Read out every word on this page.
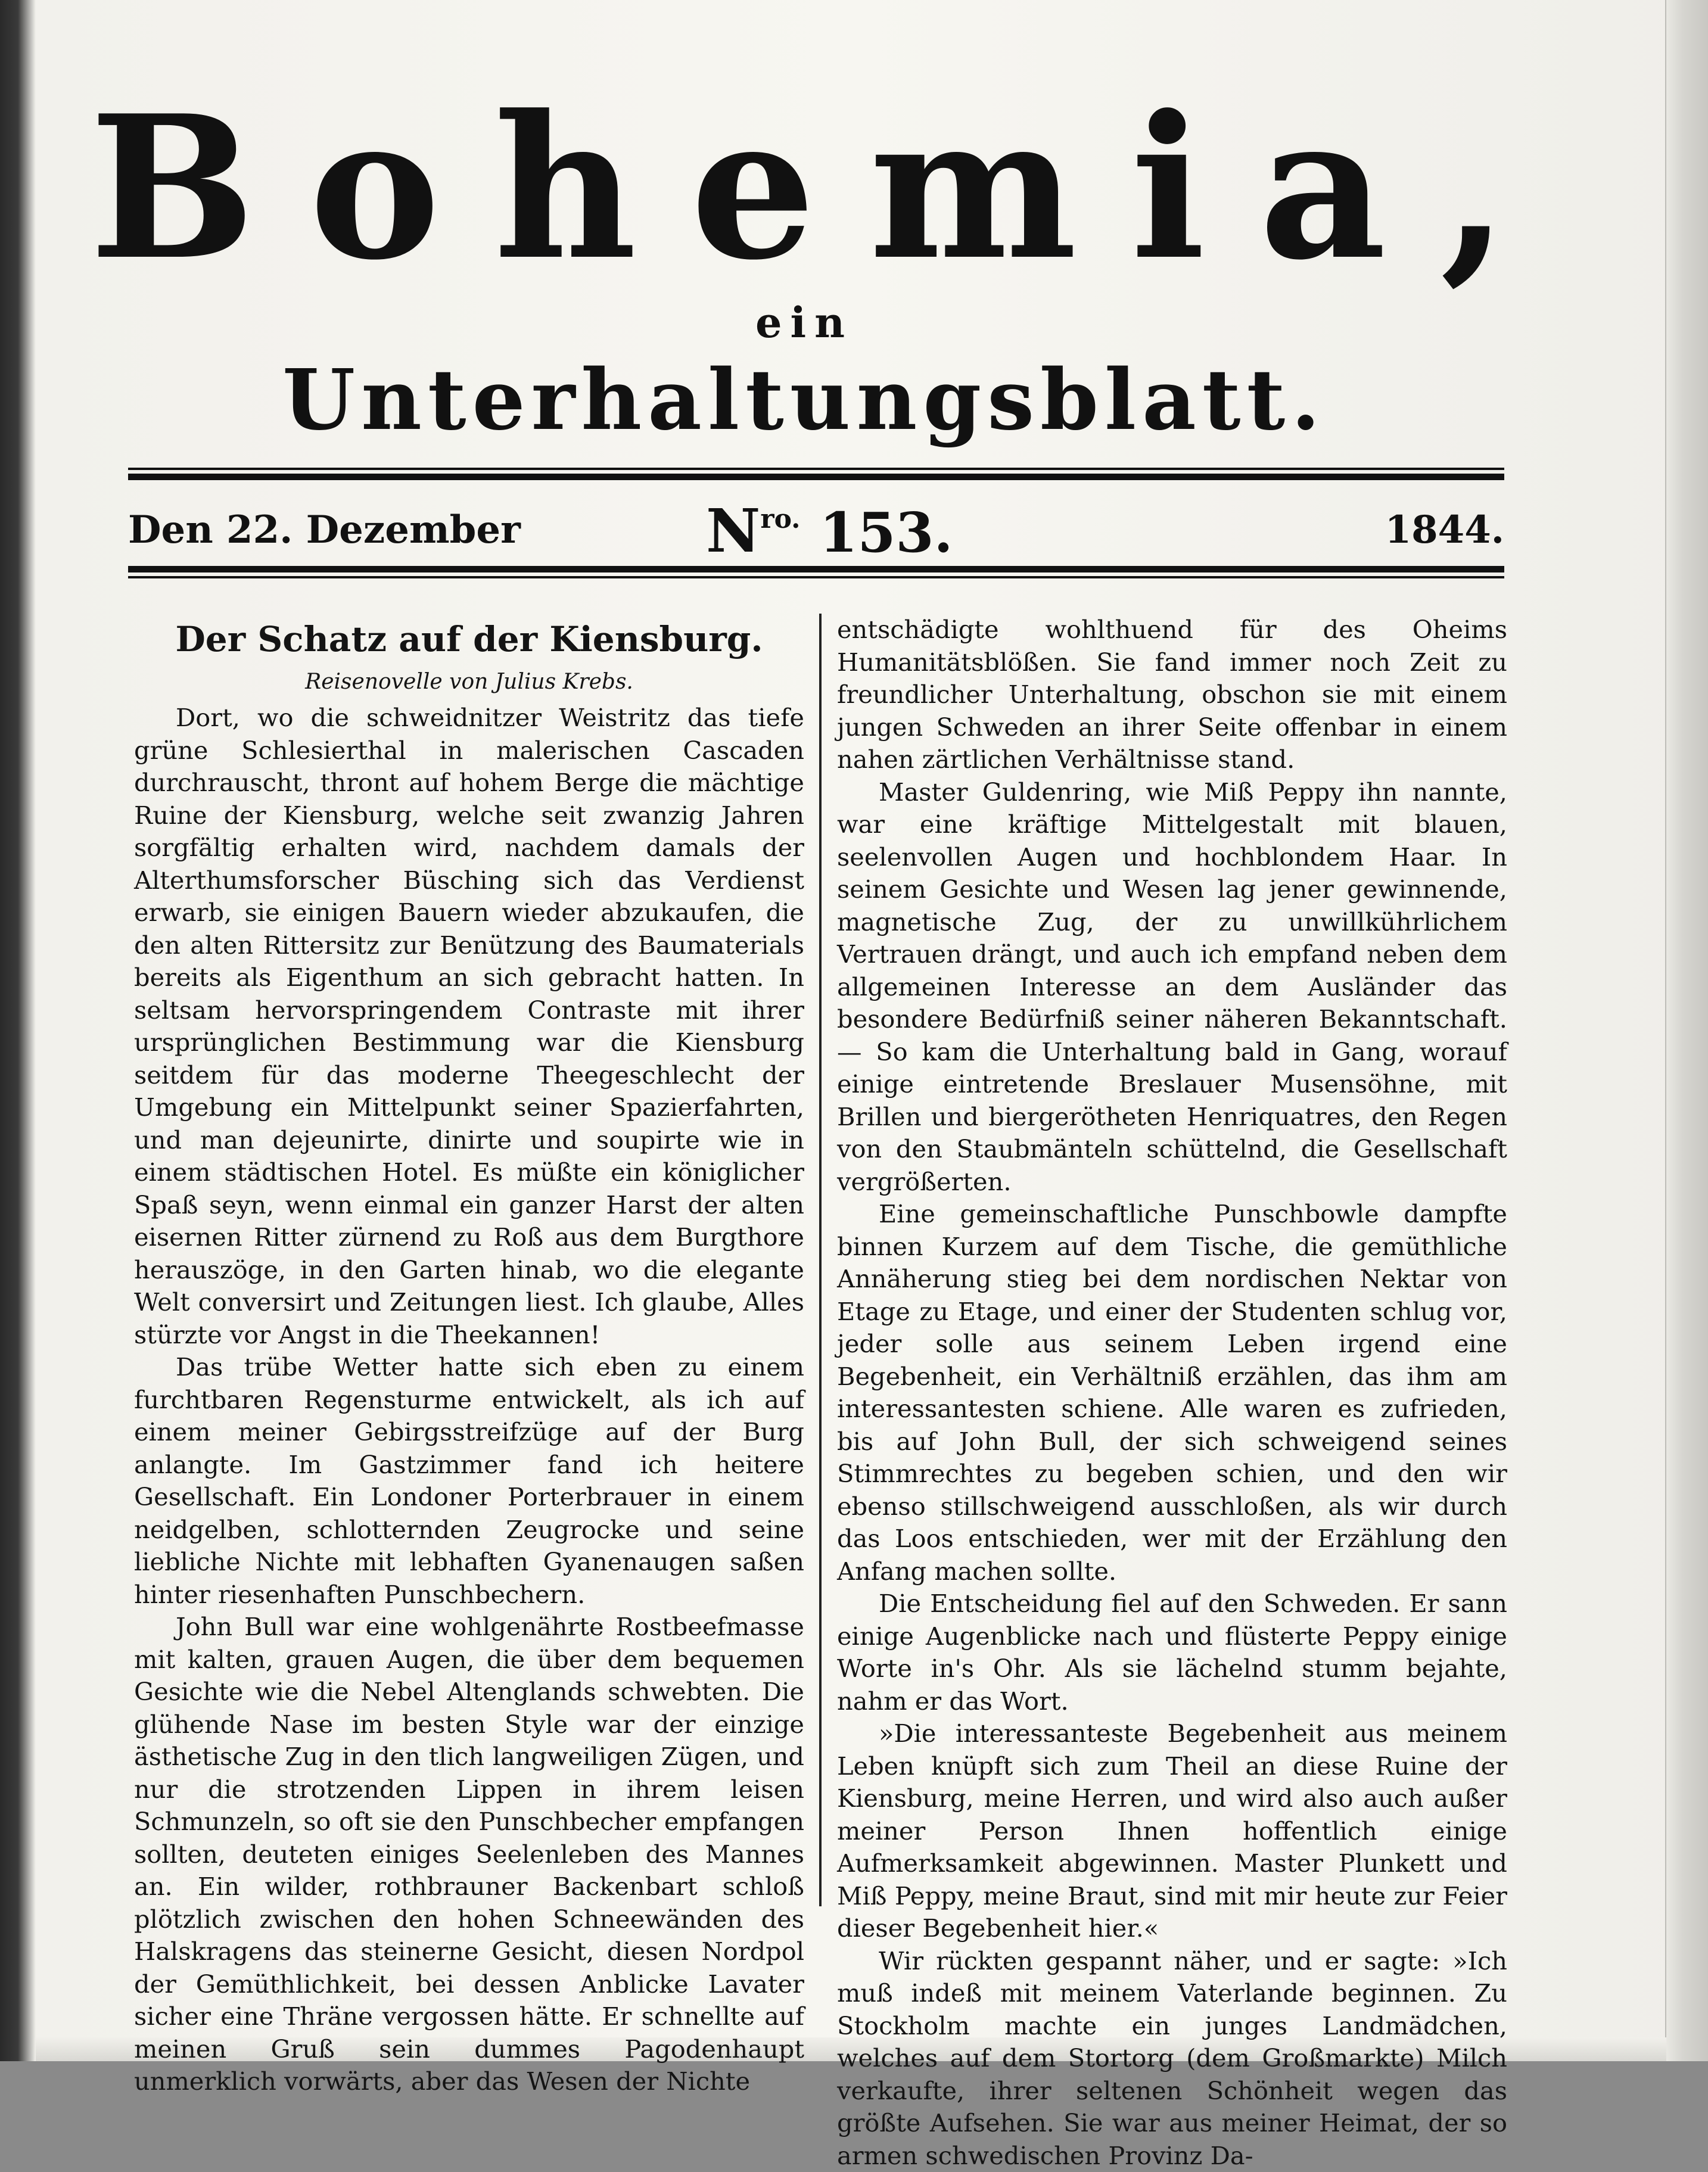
Bohemia,
ein
Unterhaltungsblatt.
Den 22. Dezember	$N^{ro.}$ 153.	1844.
Der Schatz auf der Kiensburg.
Reisenovelle von Julius Krebs.

Dort, wo die schweidnitzer Weistritz das tiefe grüne Schlesierthal in malerischen Cascaden durchrauscht, thront auf hohem Berge die mächtige Ruine der Kiensburg, welche seit zwanzig Jahren sorgfältig erhalten wird, nachdem damals der Alterthumsforscher Büsching sich das Verdienst erwarb, sie einigen Bauern wieder abzukaufen, die den alten Rittersitz zur Benützung des Baumaterials bereits als Eigenthum an sich gebracht hatten. In seltsam hervorspringendem Contraste mit ihrer ursprünglichen Bestimmung war die Kiensburg seitdem für das moderne Theegeschlecht der Umgebung ein Mittelpunkt seiner Spazierfahrten, und man dejeunirte, dinirte und soupirte wie in einem städtischen Hotel. Es müßte ein königlicher Spaß seyn, wenn einmal ein ganzer Harst der alten eisernen Ritter zürnend zu Roß aus dem Burgthore herauszöge, in den Garten hinab, wo die elegante Welt conversirt und Zeitungen liest. Ich glaube, Alles stürzte vor Angst in die Theekannen!

Das trübe Wetter hatte sich eben zu einem furchtbaren Regensturme entwickelt, als ich auf einem meiner Gebirgsstreifzüge auf der Burg anlangte. Im Gastzimmer fand ich heitere Gesellschaft. Ein Londoner Porterbrauer in einem neidgelben, schlotternden Zeugrocke und seine liebliche Nichte mit lebhaften Gyanenaugen saßen hinter riesenhaften Punschbechern.

John Bull war eine wohlgenährte Rostbeefmasse mit kalten, grauen Augen, die über dem bequemen Gesichte wie die Nebel Altenglands schwebten. Die glühende Nase im besten Style war der einzige ästhetische Zug in den tlich langweiligen Zügen, und nur die strotzenden Lippen in ihrem leisen Schmunzeln, so oft sie den Punschbecher empfangen sollten, deuteten einiges Seelenleben des Mannes an. Ein wilder, rothbrauner Backenbart schloß plötzlich zwischen den hohen Schneewänden des Halskragens das steinerne Gesicht, diesen Nordpol der Gemüthlichkeit, bei dessen Anblicke Lavater sicher eine Thräne vergossen hätte. Er schnellte auf meinen Gruß sein dummes Pagodenhaupt unmerklich vorwärts, aber das Wesen der Nichte

entschädigte wohlthuend für des Oheims Humanitätsblößen. Sie fand immer noch Zeit zu freundlicher Unterhaltung, obschon sie mit einem jungen Schweden an ihrer Seite offenbar in einem nahen zärtlichen Verhältnisse stand.

Master Guldenring, wie Miß Peppy ihn nannte, war eine kräftige Mittelgestalt mit blauen, seelenvollen Augen und hochblondem Haar. In seinem Gesichte und Wesen lag jener gewinnende, magnetische Zug, der zu unwillkührlichem Vertrauen drängt, und auch ich empfand neben dem allgemeinen Interesse an dem Ausländer das besondere Bedürfniß seiner näheren Bekanntschaft. — So kam die Unterhaltung bald in Gang, worauf einige eintretende Breslauer Musensöhne, mit Brillen und biergerötheten Henriquatres, den Regen von den Staubmänteln schüttelnd, die Gesellschaft vergrößerten.

Eine gemeinschaftliche Punschbowle dampfte binnen Kurzem auf dem Tische, die gemüthliche Annäherung stieg bei dem nordischen Nektar von Etage zu Etage, und einer der Studenten schlug vor, jeder solle aus seinem Leben irgend eine Begebenheit, ein Verhältniß erzählen, das ihm am interessantesten schiene. Alle waren es zufrieden, bis auf John Bull, der sich schweigend seines Stimmrechtes zu begeben schien, und den wir ebenso stillschweigend ausschloßen, als wir durch das Loos entschieden, wer mit der Erzählung den Anfang machen sollte.

Die Entscheidung fiel auf den Schweden. Er sann einige Augenblicke nach und flüsterte Peppy einige Worte in's Ohr. Als sie lächelnd stumm bejahte, nahm er das Wort.

»Die interessanteste Begebenheit aus meinem Leben knüpft sich zum Theil an diese Ruine der Kiensburg, meine Herren, und wird also auch außer meiner Person Ihnen hoffentlich einige Aufmerksamkeit abgewinnen. Master Plunkett und Miß Peppy, meine Braut, sind mit mir heute zur Feier dieser Begebenheit hier.«

Wir rückten gespannt näher, und er sagte: »Ich muß indeß mit meinem Vaterlande beginnen. Zu Stockholm machte ein junges Landmädchen, welches auf dem Stortorg (dem Großmarkte) Milch verkaufte, ihrer seltenen Schönheit wegen das größte Aufsehen. Sie war aus meiner Heimat, der so armen schwedischen Provinz Da-
